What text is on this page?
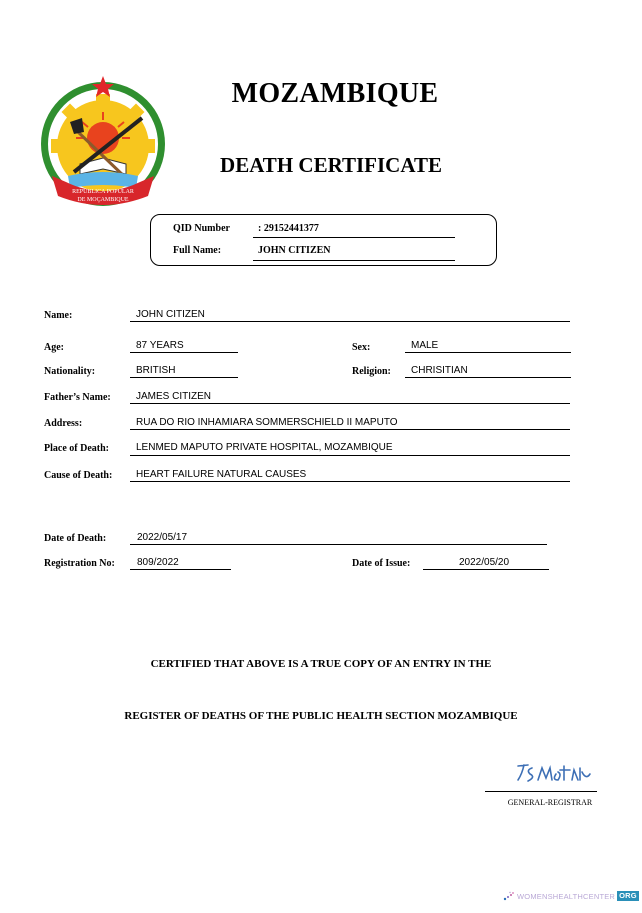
REPUBLICA POPULAR
DE MOÇAMBIQUE
MOZAMBIQUE
DEATH CERTIFICATE
QID Number	: 29152441377
Full Name:	JOHN CITIZEN
Name:	JOHN CITIZEN
Age:	87 YEARS	Sex:	MALE
Nationality:	BRITISH	Religion: CHRISITIAN
Father’s Name:	JAMES CITIZEN
Address:	RUA DO RIO INHAMIARA SOMMERSCHIELD II MAPUTO
Place of Death:	LENMED MAPUTO PRIVATE HOSPITAL, MOZAMBIQUE
Cause of Death: HEART FAILURE NATURAL CAUSES
Date of Death:	2022/05/17
Registration No: 809/2022	Date of Issue:	2022/05/20
CERTIFIED THAT ABOVE IS A TRUE COPY OF AN ENTRY IN THE
REGISTER OF DEATHS OF THE PUBLIC HEALTH SECTION MOZAMBIQUE
GENERAL-REGISTRAR
WOMENSHEALTHCENTER ORG
